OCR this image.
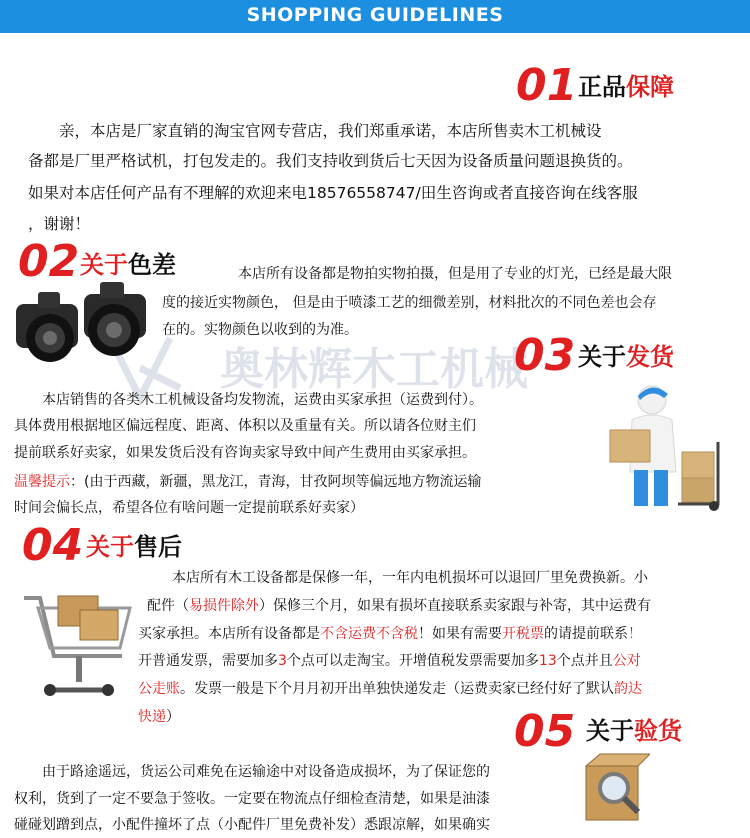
SHOPPING GUIDELINES
奥林辉木工机械
01 正品保障

　　亲，本店是厂家直销的淘宝官网专营店，我们郑重承诺，本店所售卖木工机械设

备都是厂里严格试机，打包发走的。我们支持收到货后七天因为设备质量问题退换货的。

如果对本店任何产品有不理解的欢迎来电18576558747/田生咨询或者直接咨询在线客服

，谢谢！

02 关于色差	本店所有设备都是物拍实物拍摄，但是用了专业的灯光，已经是最大限

度的接近实物颜色， 但是由于喷漆工艺的细微差别，材料批次的不同色差也会存

在的。实物颜色以收到的为准。	03 关于发货

　　本店销售的各类木工机械设备均发物流，运费由买家承担（运费到付）。

具体费用根据地区偏远程度、距离、体积以及重量有关。所以请各位财主们

提前联系好卖家，如果发货后没有咨询卖家导致中间产生费用由买家承担。

温馨提示：(由于西藏，新疆，黑龙江，青海，甘孜阿坝等偏远地方物流运输

时间会偏长点，希望各位有啥问题一定提前联系好卖家）

04 关于售后

本店所有木工设备都是保修一年，一年内电机损坏可以退回厂里免费换新。小

配件（易损件除外）保修三个月，如果有损坏直接联系卖家跟与补寄，其中运费有

买家承担。本店所有设备都是不含运费不含税！如果有需要开税票的请提前联系！

开普通发票，需要加多3个点可以走淘宝。开增值税发票需要加多13个点并且公对

公走账。发票一般是下个月月初开出单独快递发走（运费卖家已经付好了默认韵达

快递）	05 关于验货

　　由于路途遥远，货运公司难免在运输途中对设备造成损坏，为了保证您的

权利，货到了一定不要急于签收。一定要在物流点仔细检查清楚，如果是油漆

碰碰划蹭到点，小配件撞坏了点（小配件厂里免费补发）悉跟凉解，如果确实
